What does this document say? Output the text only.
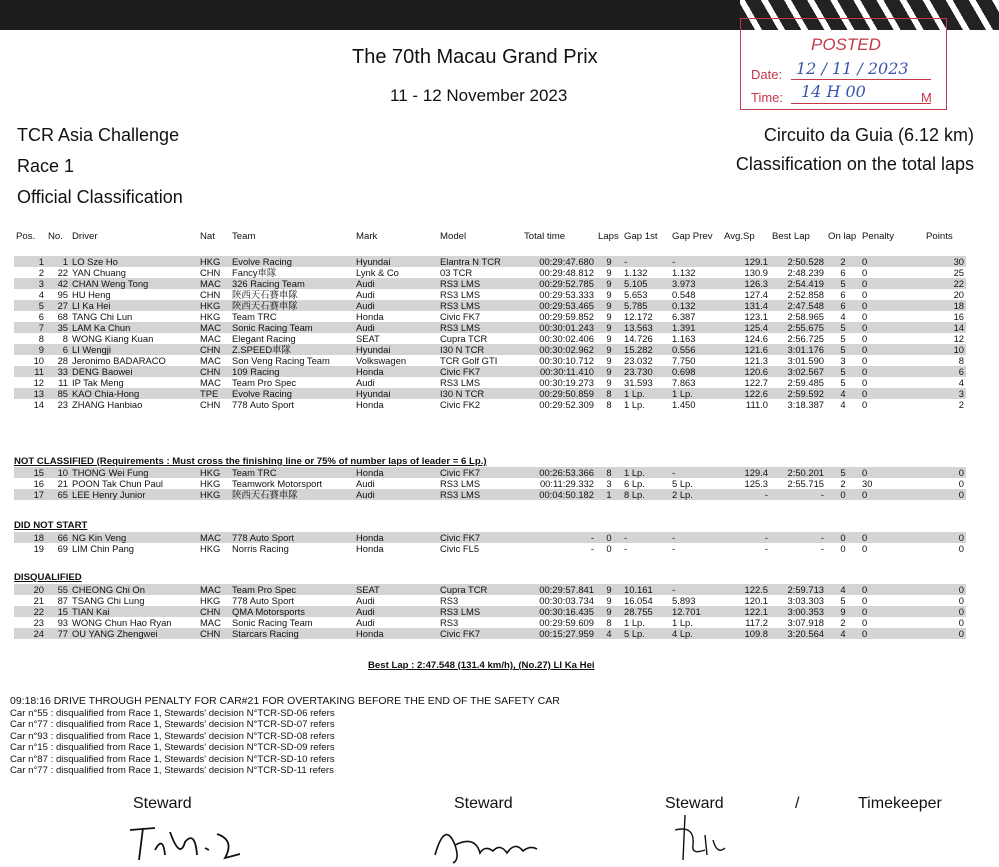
The 70th Macau Grand Prix
11 - 12 November 2023
POSTED
Date: 12 / 11 / 2023
Time: 14 H 00	M
TCR Asia Challenge
Race 1
Official Classification
Circuito da Guia (6.12 km)
Classification on the total laps
Pos.	No.	Driver	Nat	Team	Mark	Model	Total time	Laps	Gap 1st	Gap Prev	Avg.Sp	Best Lap	On lap	Penalty	Points

1	1	LO Sze Ho	HKG	Evolve Racing	Hyundai	Elantra N TCR	00:29:47.680	9	-	-	129.1	2:50.528	2	0	30
2	22	YAN Chuang	CHN	Fancy車隊	Lynk & Co	03 TCR	00:29:48.812	9	1.132	1.132	130.9	2:48.239	6	0	25
3	42	CHAN Weng Tong	MAC	326 Racing Team	Audi	RS3 LMS	00:29:52.785	9	5.105	3.973	126.3	2:54.419	5	0	22
4	95	HU Heng	CHN	陝西天石賽車隊	Audi	RS3 LMS	00:29:53.333	9	5.653	0.548	127.4	2:52.858	6	0	20
5	27	LI Ka Hei	HKG	陝西天石賽車隊	Audi	RS3 LMS	00:29:53.465	9	5.785	0.132	131.4	2:47.548	6	0	18
6	68	TANG Chi Lun	HKG	Team TRC	Honda	Civic FK7	00:29:59.852	9	12.172	6.387	123.1	2:58.965	4	0	16
7	35	LAM Ka Chun	MAC	Sonic Racing Team	Audi	RS3 LMS	00:30:01.243	9	13.563	1.391	125.4	2:55.675	5	0	14
8	8	WONG Kiang Kuan	MAC	Elegant Racing	SEAT	Cupra TCR	00:30:02.406	9	14.726	1.163	124.6	2:56.725	5	0	12
9	6	LI Wengji	CHN	Z.SPEED車隊	Hyundai	I30 N TCR	00:30:02.962	9	15.282	0.556	121.6	3:01.176	5	0	10
10	28	Jeronimo BADARACO	MAC	Son Veng Racing Team	Volkswagen	TCR Golf GTI	00:30:10.712	9	23.032	7.750	121.3	3:01.590	3	0	8
11	33	DENG Baowei	CHN	109 Racing	Honda	Civic FK7	00:30:11.410	9	23.730	0.698	120.6	3:02.567	5	0	6
12	11	IP Tak Meng	MAC	Team Pro Spec	Audi	RS3 LMS	00:30:19.273	9	31.593	7.863	122.7	2:59.485	5	0	4
13	85	KAO Chia-Hong	TPE	Evolve Racing	Hyundai	I30 N TCR	00:29:50.859	8	1 Lp.	1 Lp.	122.6	2:59.592	4	0	3
14	23	ZHANG Hanbiao	CHN	778 Auto Sport	Honda	Civic FK2	00:29:52.309	8	1 Lp.	1.450	111.0	3:18.387	4	0	2
NOT CLASSIFIED (Requirements : Must cross the finishing line or 75% of number laps of leader = 6 Lp.)
15	10	THONG Wei Fung	HKG	Team TRC	Honda	Civic FK7	00:26:53.366	8	1 Lp.	-	129.4	2:50.201	5	0	0
16	21	POON Tak Chun Paul	HKG	Teamwork Motorsport	Audi	RS3 LMS	00:11:29.332	3	6 Lp.	5 Lp.	125.3	2:55.715	2	30	0
17	65	LEE Henry Junior	HKG	陝西天石賽車隊	Audi	RS3 LMS	00:04:50.182	1	8 Lp.	2 Lp.	-	-	0	0	0
DID NOT START
18	66	NG Kin Veng	MAC	778 Auto Sport	Honda	Civic FK7	-	0	-	-	-	-	0	0	0
19	69	LIM Chin Pang	HKG	Norris Racing	Honda	Civic FL5	-	0	-	-	-	-	0	0	0
DISQUALIFIED
20	55	CHEONG Chi On	MAC	Team Pro Spec	SEAT	Cupra TCR	00:29:57.841	9	10.161	-	122.5	2:59.713	4	0	0
21	87	TSANG Chi Lung	HKG	778 Auto Sport	Audi	RS3	00:30:03.734	9	16.054	5.893	120.1	3:03.303	5	0	0
22	15	TIAN Kai	CHN	QMA Motorsports	Audi	RS3 LMS	00:30:16.435	9	28.755	12.701	122.1	3:00.353	9	0	0
23	93	WONG Chun Hao Ryan	MAC	Sonic Racing Team	Audi	RS3	00:29:59.609	8	1 Lp.	1 Lp.	117.2	3:07.918	2	0	0
24	77	OU YANG Zhengwei	CHN	Starcars Racing	Honda	Civic FK7	00:15:27.959	4	5 Lp.	4 Lp.	109.8	3:20.564	4	0	0
Best Lap : 2:47.548 (131.4 km/h), (No.27) LI Ka Hei
09:18:16 DRIVE THROUGH PENALTY FOR CAR#21 FOR OVERTAKING BEFORE THE END OF THE SAFETY CAR
Car n°55 : disqualified from Race 1, Stewards' decision N°TCR-SD-06 refers
Car n°77 : disqualified from Race 1, Stewards' decision N°TCR-SD-07 refers
Car n°93 : disqualified from Race 1, Stewards' decision N°TCR-SD-08 refers
Car n°15 : disqualified from Race 1, Stewards' decision N°TCR-SD-09 refers
Car n°87 : disqualified from Race 1, Stewards' decision N°TCR-SD-10 refers
Car n°77 : disqualified from Race 1, Stewards' decision N°TCR-SD-11 refers
Steward	Steward	Steward	/	Timekeeper
